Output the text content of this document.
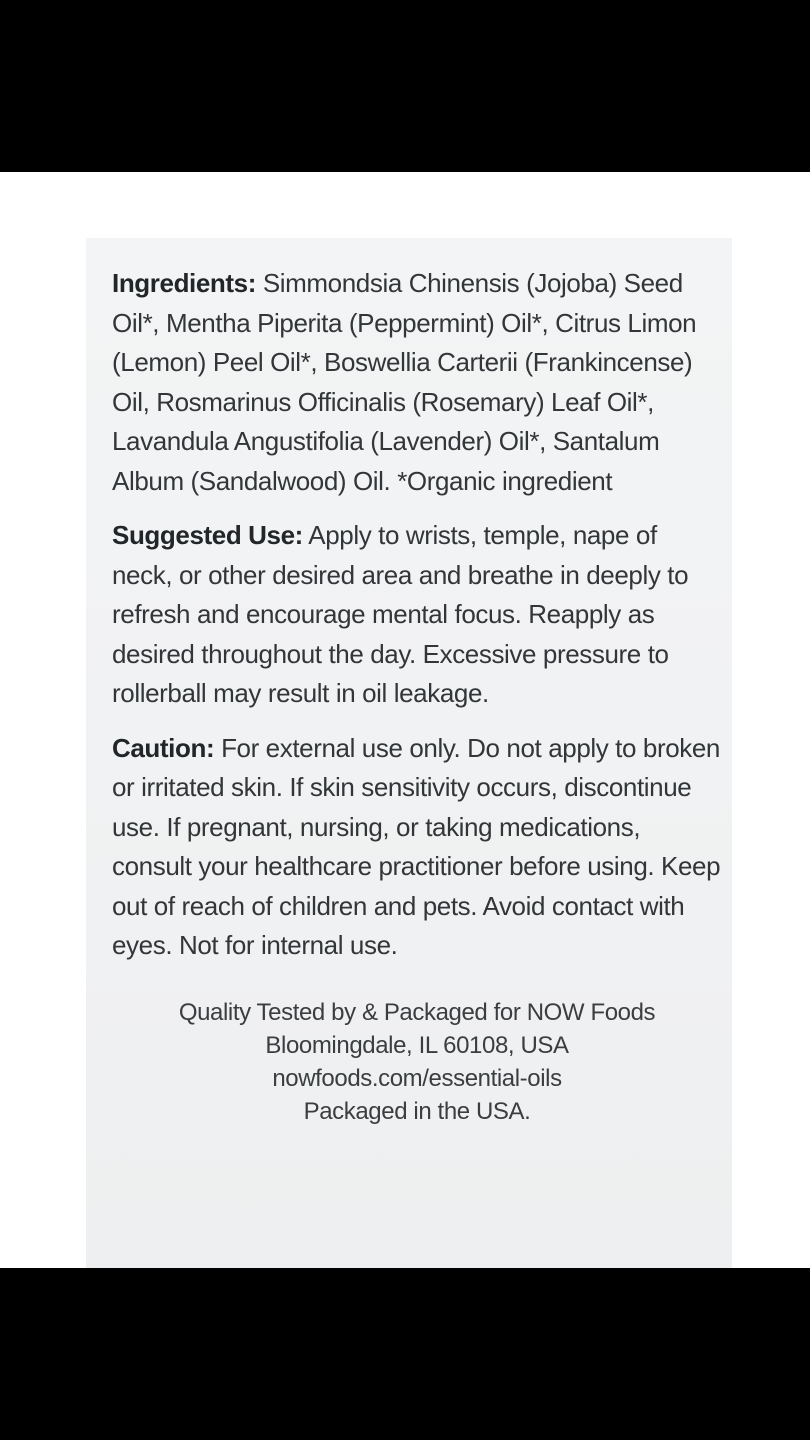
Ingredients: Simmondsia Chinensis (Jojoba) Seed Oil*, Mentha Piperita (Peppermint) Oil*, Citrus Limon (Lemon) Peel Oil*, Boswellia Carterii (Frankincense) Oil, Rosmarinus Officinalis (Rosemary) Leaf Oil*, Lavandula Angustifolia (Lavender) Oil*, Santalum Album (Sandalwood) Oil. *Organic ingredient

Suggested Use: Apply to wrists, temple, nape of neck, or other desired area and breathe in deeply to refresh and encourage mental focus. Reapply as desired throughout the day. Excessive pressure to rollerball may result in oil leakage.

Caution: For external use only. Do not apply to broken or irritated skin. If skin sensitivity occurs, discontinue use. If pregnant, nursing, or taking medications, consult your healthcare practitioner before using. Keep out of reach of children and pets. Avoid contact with eyes. Not for internal use.

Quality Tested by & Packaged for NOW Foods
Bloomingdale, IL 60108, USA
nowfoods.com/essential-oils
Packaged in the USA.
